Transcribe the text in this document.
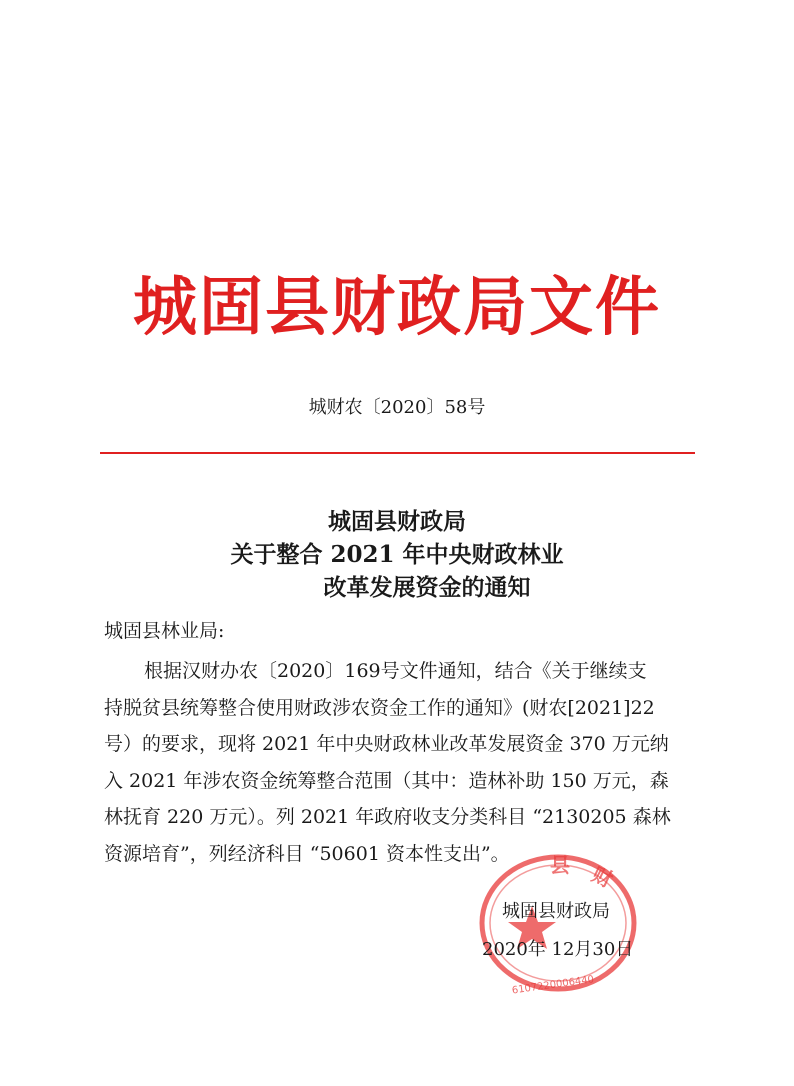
城固县财政局文件
城财农〔2020〕58号
城固县财政局
关于整合 2021 年中央财政林业
改革发展资金的通知
城固县林业局:
根据汉财办农〔2020〕169号文件通知，结合《关于继续支
持脱贫县统筹整合使用财政涉农资金工作的通知》(财农[2021]22
号）的要求，现将 2021 年中央财政林业改革发展资金 370 万元纳
入 2021 年涉农资金统筹整合范围（其中：造林补助 150 万元，森
林抚育 220 万元）。列 2021 年政府收支分类科目 “2130205 森林
资源培育”，列经济科目 “50601 资本性支出”。	县 财
6107220006440
城固县财政局
2020年 12月30日
